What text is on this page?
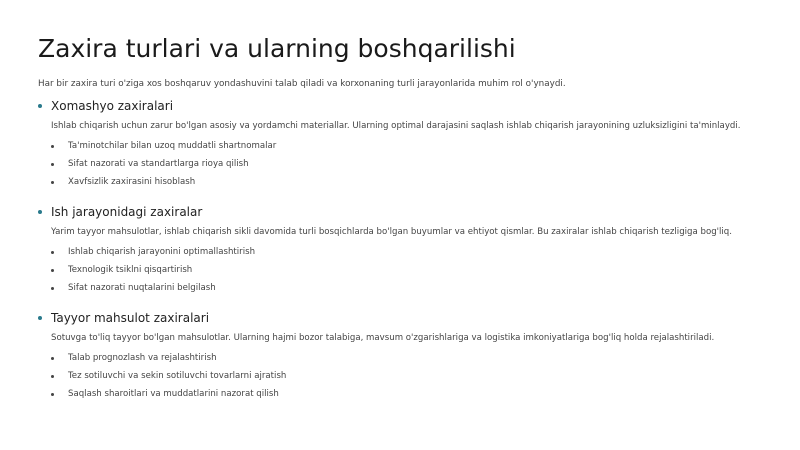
Zaxira turlari va ularning boshqarilishi

Har bir zaxira turi o'ziga xos boshqaruv yondashuvini talab qiladi va korxonaning turli jarayonlarida muhim rol o'ynaydi.

Xomashyo zaxiralari
Ishlab chiqarish uchun zarur bo'lgan asosiy va yordamchi materiallar. Ularning optimal darajasini saqlash ishlab chiqarish jarayonining uzluksizligini ta'minlaydi.
Ta'minotchilar bilan uzoq muddatli shartnomalar
Sifat nazorati va standartlarga rioya qilish
Xavfsizlik zaxirasini hisoblash
Ish jarayonidagi zaxiralar
Yarim tayyor mahsulotlar, ishlab chiqarish sikli davomida turli bosqichlarda bo'lgan buyumlar va ehtiyot qismlar. Bu zaxiralar ishlab chiqarish tezligiga bog'liq.
Ishlab chiqarish jarayonini optimallashtirish
Texnologik tsiklni qisqartirish
Sifat nazorati nuqtalarini belgilash
Tayyor mahsulot zaxiralari
Sotuvga to'liq tayyor bo'lgan mahsulotlar. Ularning hajmi bozor talabiga, mavsum o'zgarishlariga va logistika imkoniyatlariga bog'liq holda rejalashtiriladi.
Talab prognozlash va rejalashtirish
Tez sotiluvchi va sekin sotiluvchi tovarlarni ajratish
Saqlash sharoitlari va muddatlarini nazorat qilish
